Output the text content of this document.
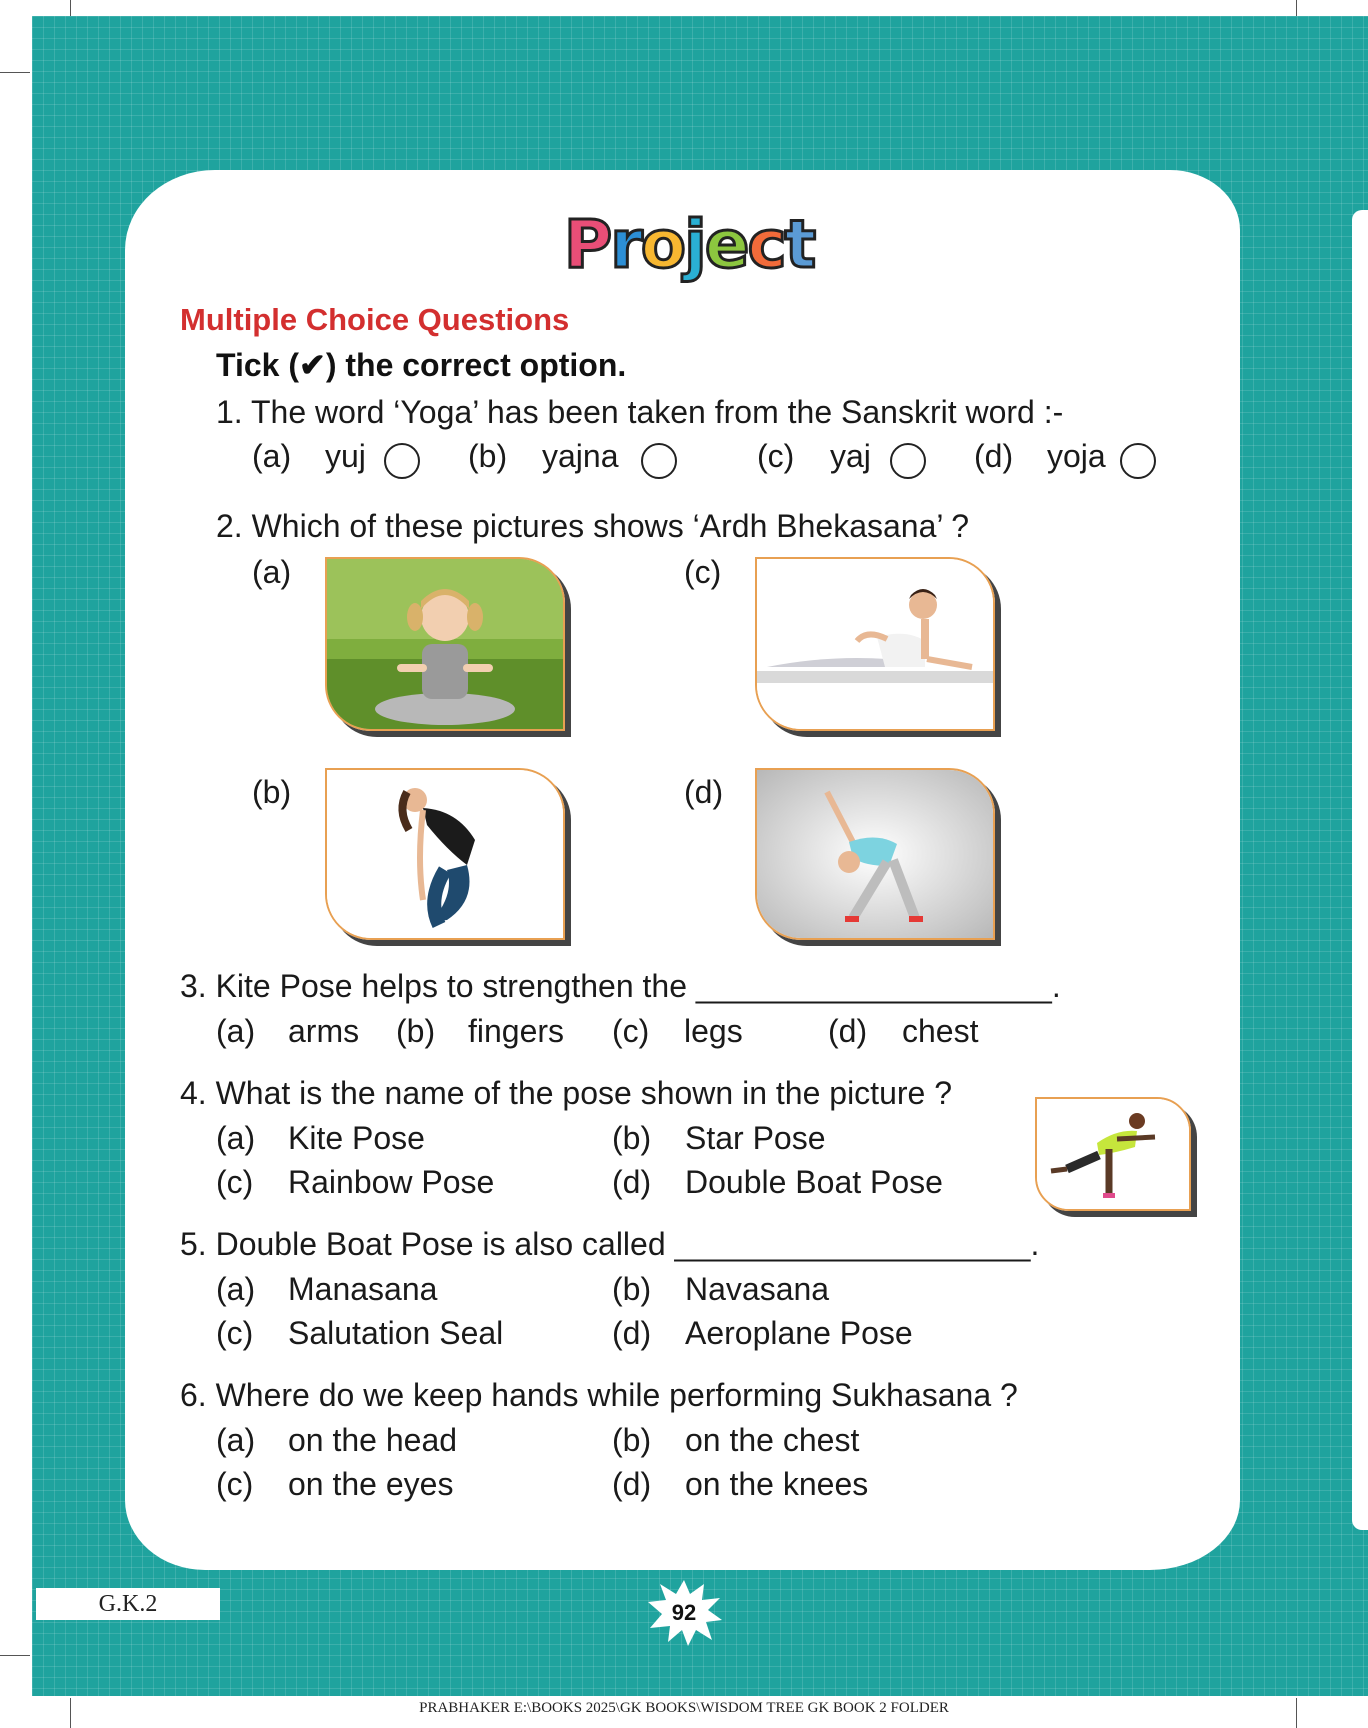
P
r
o
j
e
c
t
Multiple Choice Questions
Tick (✔) the correct option.
1. The word ‘Yoga’ has been taken from the Sanskrit word :-
(a) yuj	(b) yajna	(c) yaj	(d) yoja
2. Which of these pictures shows ‘Ardh Bhekasana’ ?
(a)
(b)
(c)
(d)
3. Kite Pose helps to strengthen the ____________________.
(a) arms (b) fingers (c) legs	(d) chest
4. What is the name of the pose shown in the picture ?
(a) Kite Pose	(b) Star Pose
(c) Rainbow Pose	(d) Double Boat Pose
5. Double Boat Pose is also called ____________________.
(a) Manasana	(b) Navasana
(c) Salutation Seal	(d) Aeroplane Pose
6. Where do we keep hands while performing Sukhasana ?
(a) on the head	(b) on the chest
(c) on the eyes	(d) on the knees
G.K.2	92
PRABHAKER E:\BOOKS 2025\GK BOOKS\WISDOM TREE GK BOOK 2 FOLDER
